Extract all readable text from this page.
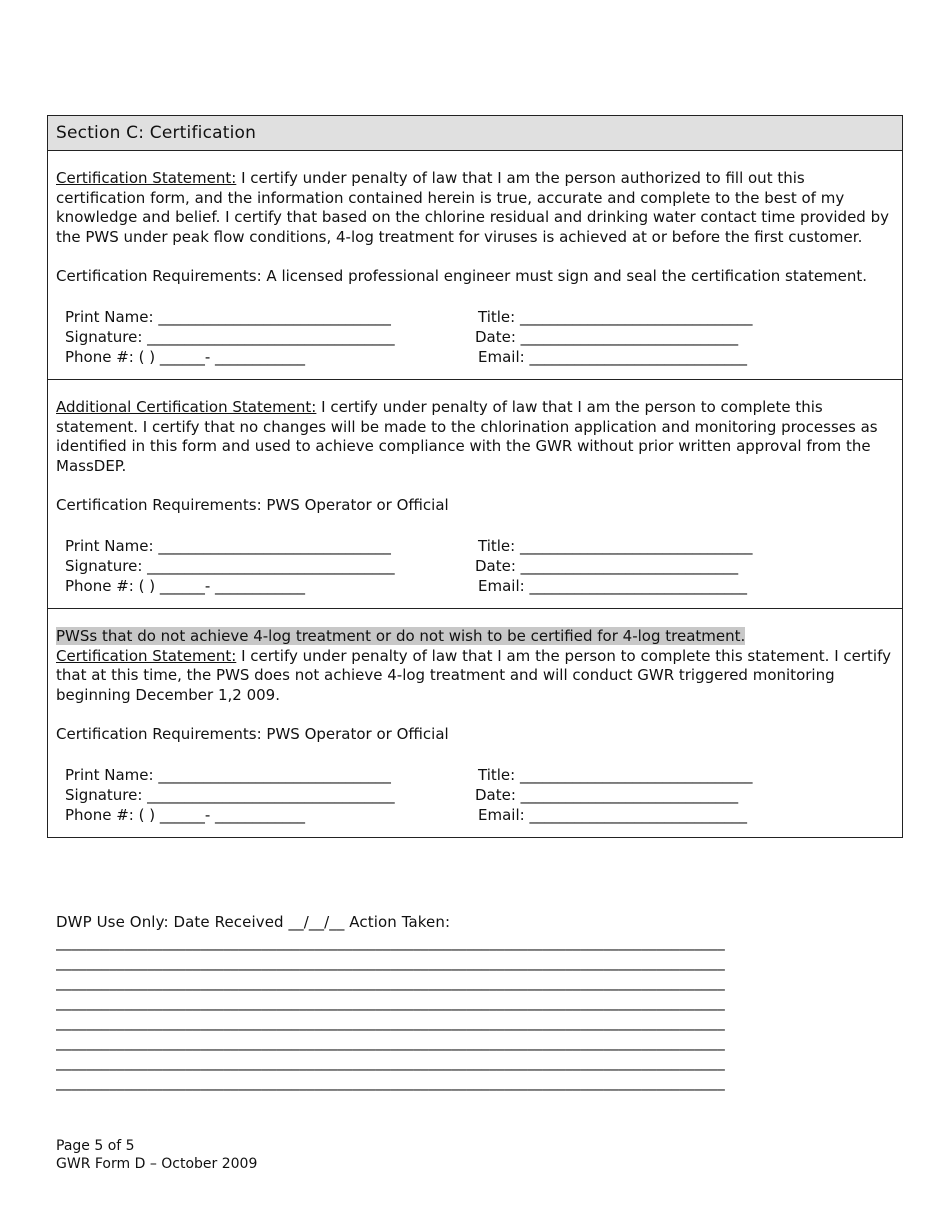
Section C: Certification

Certification Statement: I certify under penalty of law that I am the person authorized to fill out this certification form, and the information contained herein is true, accurate and complete to the best of my knowledge and belief. I certify that based on the chlorine residual and drinking water contact time provided by the PWS under peak flow conditions, 4-log treatment for viruses is achieved at or before the first customer.

Certification Requirements: A licensed professional engineer must sign and seal the certification statement.

Print Name: _______________________________	Title: _______________________________
Signature: _________________________________	Date: _____________________________
Phone #: ( ) ______- ____________	Email: _____________________________

Additional Certification Statement: I certify under penalty of law that I am the person to complete this statement. I certify that no changes will be made to the chlorination application and monitoring processes as identified in this form and used to achieve compliance with the GWR without prior written approval from the MassDEP.

Certification Requirements: PWS Operator or Official

Print Name: _______________________________	Title: _______________________________
Signature: _________________________________	Date: _____________________________
Phone #: ( ) ______- ____________	Email: _____________________________

PWSs that do not achieve 4-log treatment or do not wish to be certified for 4-log treatment.

Certification Statement: I certify under penalty of law that I am the person to complete this statement. I certify that at this time, the PWS does not achieve 4-log treatment and will conduct GWR triggered monitoring beginning December 1,2 009.

Certification Requirements: PWS Operator or Official

Print Name: _______________________________	Title: _______________________________
Signature: _________________________________	Date: _____________________________
Phone #: ( ) ______- ____________	Email: _____________________________
DWP Use Only: Date Received __/__/__ Action Taken:
________________________________________________________________________________________
________________________________________________________________________________________
________________________________________________________________________________________
________________________________________________________________________________________
________________________________________________________________________________________
________________________________________________________________________________________
________________________________________________________________________________________
________________________________________________________________________________________
Page 5 of 5
GWR Form D – October 2009
